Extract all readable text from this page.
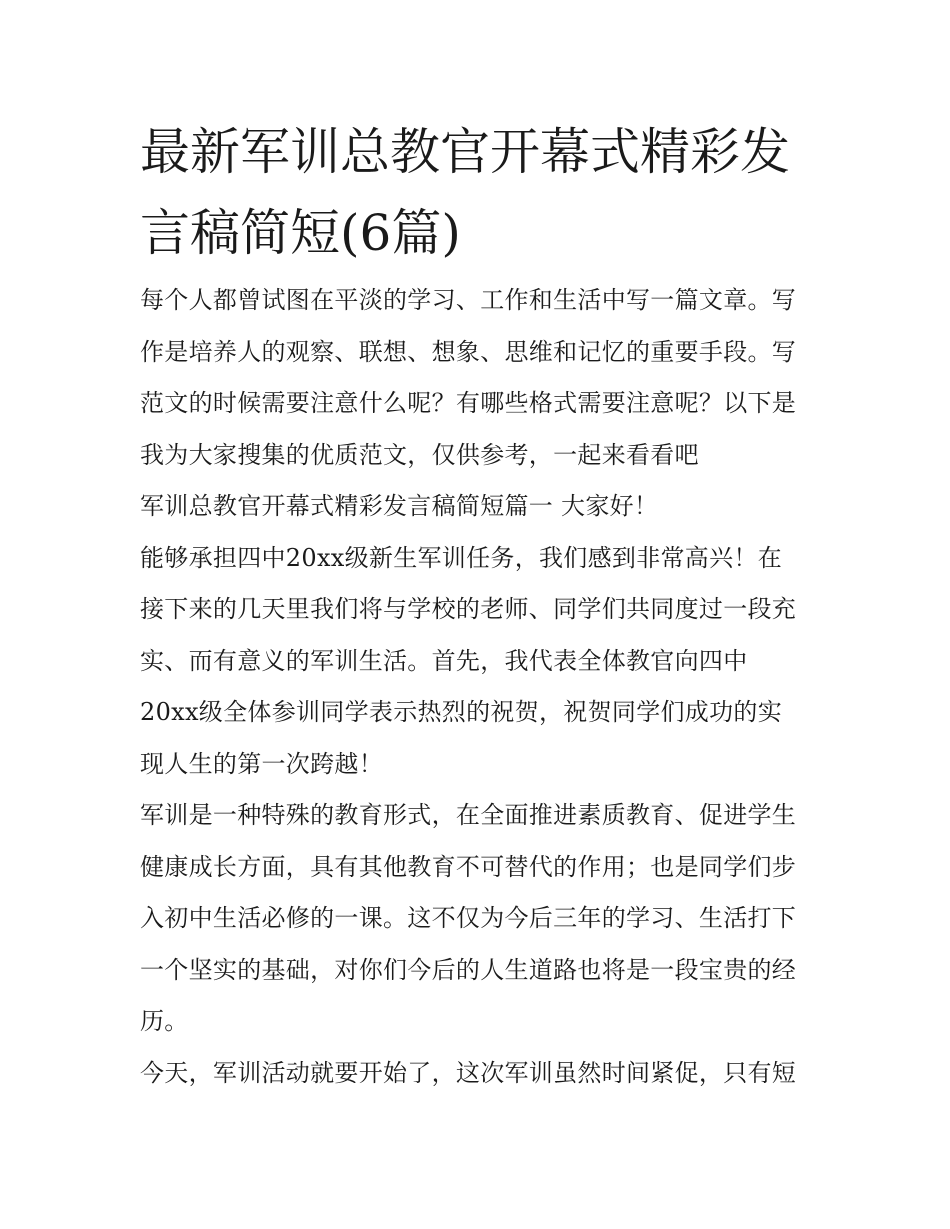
最新军训总教官开幕式精彩发
言稿简短(6篇)

每个人都曾试图在平淡的学习、工作和生活中写一篇文章。写
作是培养人的观察、联想、想象、思维和记忆的重要手段。写
范文的时候需要注意什么呢？有哪些格式需要注意呢？以下是
我为大家搜集的优质范文，仅供参考，一起来看看吧

军训总教官开幕式精彩发言稿简短篇一 大家好！

能够承担四中20xx级新生军训任务，我们感到非常高兴！在
接下来的几天里我们将与学校的老师、同学们共同度过一段充
实、而有意义的军训生活。首先，我代表全体教官向四中
20xx级全体参训同学表示热烈的祝贺，祝贺同学们成功的实
现人生的第一次跨越！

军训是一种特殊的教育形式，在全面推进素质教育、促进学生
健康成长方面，具有其他教育不可替代的作用；也是同学们步
入初中生活必修的一课。这不仅为今后三年的学习、生活打下
一个坚实的基础，对你们今后的人生道路也将是一段宝贵的经
历。

今天，军训活动就要开始了，这次军训虽然时间紧促，只有短
